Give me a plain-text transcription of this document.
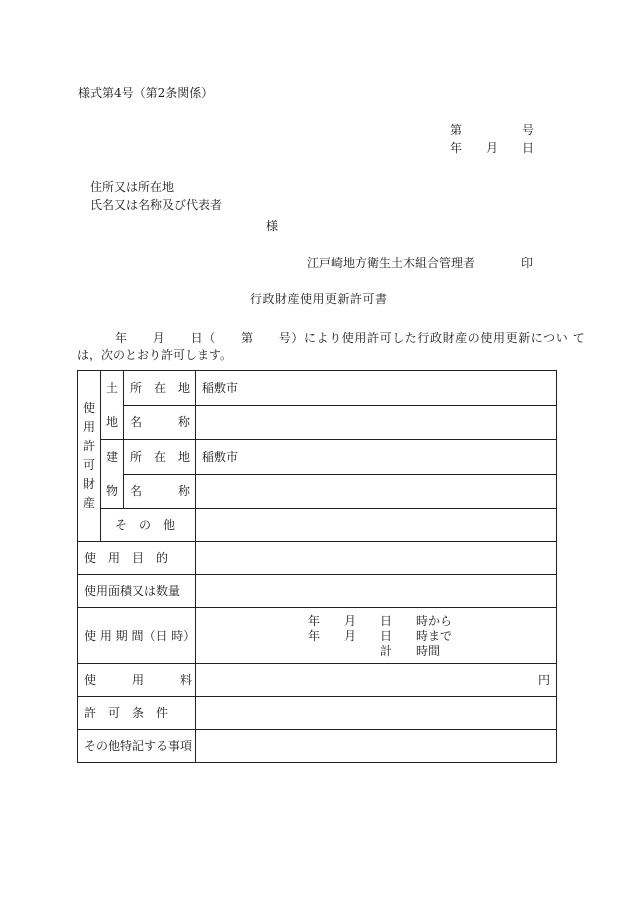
様式第4号（第2条関係）
第　　　　　号
年　　月　　日
住所又は所在地
氏名又は名称及び代表者
様
江戸崎地方衛生土木組合管理者	印
行政財産使用更新許可書
年　　月　　日（　　第　　号）により使用許可した行政財産の使用更新につい て
は，次のとおり許可します。
使用許可財産	土地	所　在　地	稲敷市
		名　　　称	

	建物	所　在　地	稲敷市
		名　　　称	
	そ　の　他		
使　用　目　的			
使用面積又は数量			
使 用 期 間（日 時）			年　　月　　日　　時から
年　　月　　日　　時まで
計　　時間

使　　　用　　　料			円

許　可　条　件			
その他特記する事項			
